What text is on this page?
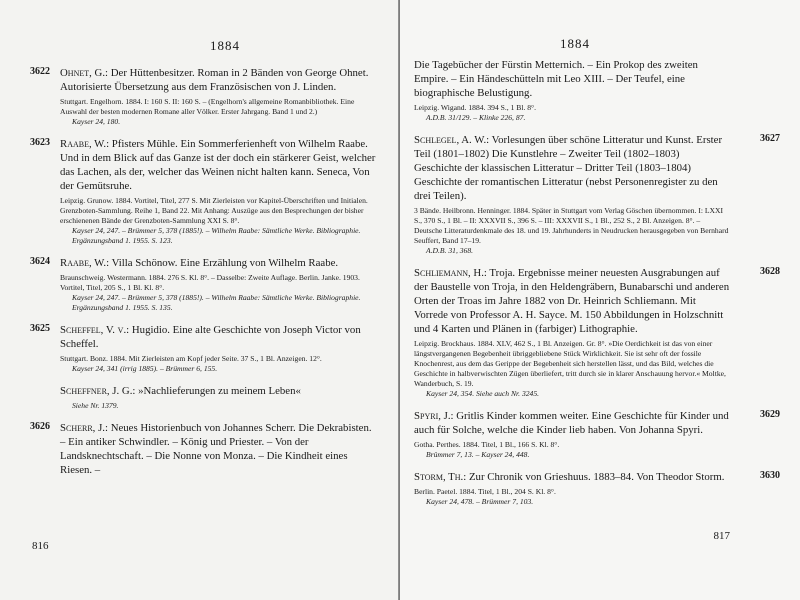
1884
3622 Ohnet, G.: Der Hüttenbesitzer. Roman in 2 Bänden von George Ohnet. Autorisierte Übersetzung aus dem Französischen von J. Linden.
Stuttgart. Engelhorn. 1884. I: 160 S. II: 160 S. – (Engelhorn's allgemeine Romanbibliothek. Eine Auswahl der besten modernen Romane aller Völker. Erster Jahrgang. Band 1 und 2.)
Kayser 24, 180.
3623 Raabe, W.: Pfisters Mühle. Ein Sommerferienheft von Wilhelm Raabe. Und in dem Blick auf das Ganze ist der doch ein stärkerer Geist, welcher das Lachen, als der, welcher das Weinen nicht halten kann. Seneca, Von der Gemütsruhe.
Leipzig. Grunow. 1884. Vortitel, Titel, 277 S. Mit Zierleisten vor Kapitel-Überschriften und Initialen. Grenzboten-Sammlung. Reihe 1, Band 22. Mit Anhang: Auszüge aus den Besprechungen der bisher erschienenen Bände der Grenzboten-Sammlung XXI S. 8°.
Kayser 24, 247. – Brümmer 5, 378 (1885!). – Wilhelm Raabe: Sämtliche Werke. Bibliographie. Ergänzungsband 1. 1955. S. 123.
3624 Raabe, W.: Villa Schönow. Eine Erzählung von Wilhelm Raabe.
Braunschweig. Westermann. 1884. 276 S. Kl. 8°. – Dasselbe: Zweite Auflage. Berlin. Janke. 1903. Vortitel, Titel, 205 S., 1 Bl. Kl. 8°.
Kayser 24, 247. – Brümmer 5, 378 (1885!). – Wilhelm Raabe: Sämtliche Werke. Bibliographie. Ergänzungsband 1. 1955. S. 135.
3625 Scheffel, V. v.: Hugidio. Eine alte Geschichte von Joseph Victor von Scheffel.
Stuttgart. Bonz. 1884. Mit Zierleisten am Kopf jeder Seite. 37 S., 1 Bl. Anzeigen. 12°.
Kayser 24, 341 (irrig 1885). – Brümmer 6, 155.
Scheffner, J. G.: »Nachlieferungen zu meinem Leben«
Siehe Nr. 1379.
3626 Scherr, J.: Neues Historienbuch von Johannes Scherr. Die Dekrabisten. – Ein antiker Schwindler. – König und Priester. – Von der Landsknechtschaft. – Die Nonne von Monza. – Die Kindheit eines Riesen. –
816
1884
Die Tagebücher der Fürstin Metternich. – Ein Prokop des zweiten Empire. – Ein Händeschütteln mit Leo XIII. – Der Teufel, eine biographische Belustigung.
Leipzig. Wigand. 1884. 394 S., 1 Bl. 8°.
A.D.B. 31/129. – Klinke 226, 87.
3627
Schlegel, A. W.: Vorlesungen über schöne Litteratur und Kunst. Erster Teil (1801–1802) Die Kunstlehre – Zweiter Teil (1802–1803) Geschichte der klassischen Litteratur – Dritter Teil (1803–1804) Geschichte der romantischen Litteratur (nebst Personenregister zu den drei Teilen).
3 Bände. Heilbronn. Henninger. 1884. Später in Stuttgart vom Verlag Göschen übernommen. I: LXXI S., 370 S., 1 Bl. – II: XXXVII S., 396 S. – III: XXXVII S., 1 Bl., 252 S., 2 Bl. Anzeigen. 8°. – Deutsche Litteraturdenkmale des 18. und 19. Jahrhunderts in Neudrucken herausgegeben von Bernhard Seuffert, Band 17–19.
A.D.B. 31, 368.
3628
Schliemann, H.: Troja. Ergebnisse meiner neuesten Ausgrabungen auf der Baustelle von Troja, in den Heldengräbern, Bunabarschi und anderen Orten der Troas im Jahre 1882 von Dr. Heinrich Schliemann. Mit Vorrede von Professor A. H. Sayce. M. 150 Abbildungen in Holzschnitt und 4 Karten und Plänen in (farbiger) Lithographie.
Leipzig. Brockhaus. 1884. XLV, 462 S., 1 Bl. Anzeigen. Gr. 8°. »Die Oerdichkeit ist das von einer längstvergangenen Begebenheit übriggebliebene Stück Wirklichkeit. Sie ist sehr oft der fossile Knochenrest, aus dem das Gerippe der Begebenheit sich herstellen lässt, und das Bild, welches die Geschichte in halbverwischten Zügen überliefert, tritt durch sie in klarer Anschauung hervor.« Moltke, Wanderbuch, S. 19.
Kayser 24, 354. Siehe auch Nr. 3245.
3629
Spyri, J.: Gritlis Kinder kommen weiter. Eine Geschichte für Kinder und auch für Solche, welche die Kinder lieb haben. Von Johanna Spyri.
Gotha. Perthes. 1884. Titel, 1 Bl., 166 S. Kl. 8°.
Brümmer 7, 13. – Kayser 24, 448.
3630
Storm, Th.: Zur Chronik von Grieshuus. 1883–84. Von Theodor Storm.
Berlin. Paetel. 1884. Titel, 1 Bl., 204 S. Kl. 8°.
Kayser 24, 478. – Brümmer 7, 103.
817
